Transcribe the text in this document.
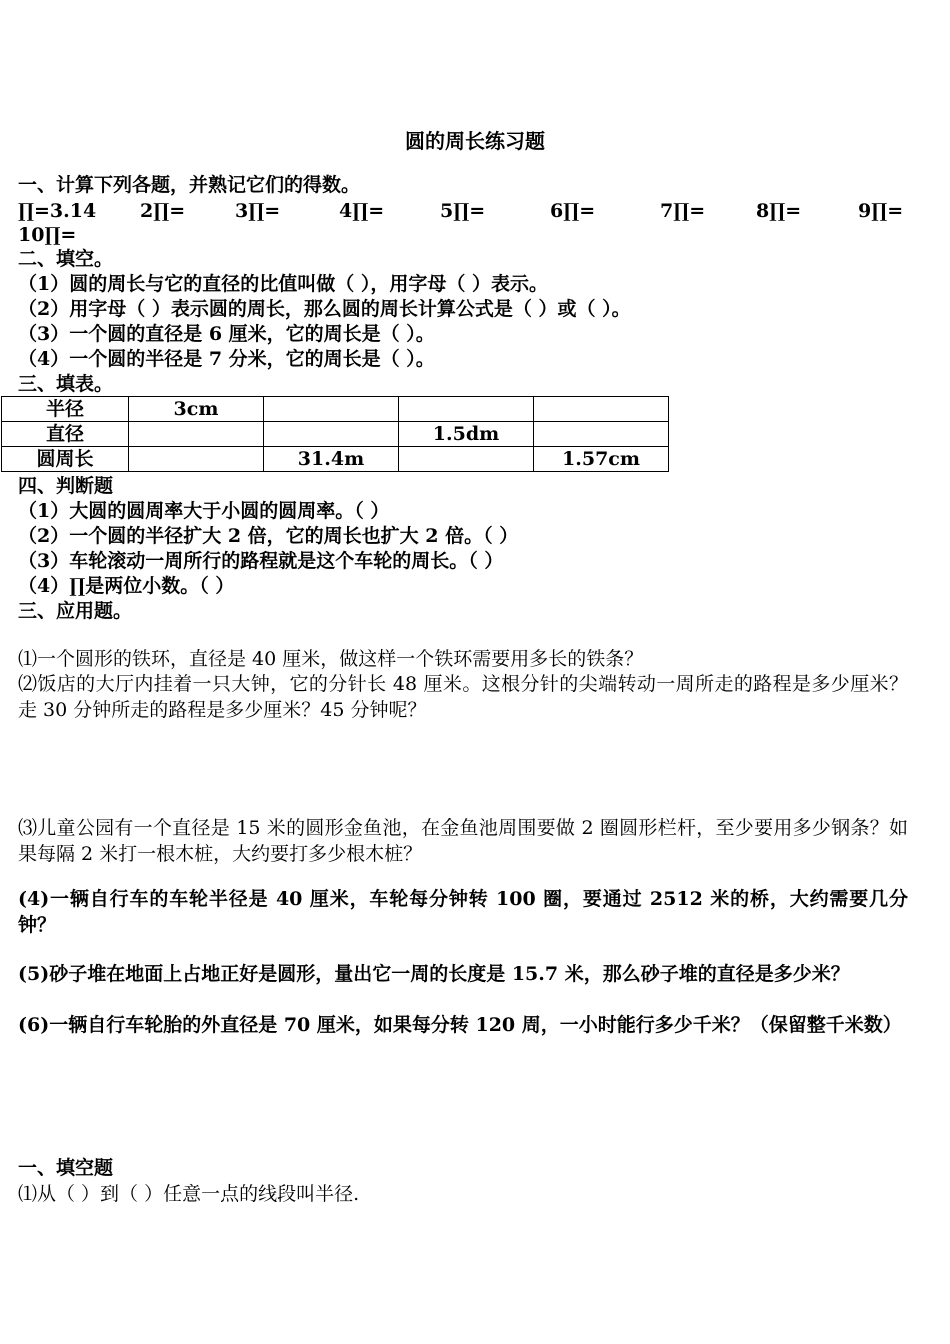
圆的周长练习题
一、计算下列各题，并熟记它们的得数。
∏=3.14 2∏=	3∏=	4∏=	5∏=	6∏=	7∏=	8∏=	9∏=
10∏=
二、填空。
（1）圆的周长与它的直径的比值叫做（ ），用字母（ ）表示。
（2）用字母（ ）表示圆的周长，那么圆的周长计算公式是（ ）或（ ）。
（3）一个圆的直径是 6 厘米，它的周长是（ ）。
（4）一个圆的半径是 7 分米，它的周长是（ ）。
三、填表。
半径	3cm			
直径			1.5dm	
圆周长		31.4m		1.57cm
四、判断题
（1）大圆的圆周率大于小圆的圆周率。（ ）
（2）一个圆的半径扩大 2 倍，它的周长也扩大 2 倍。（ ）
（3）车轮滚动一周所行的路程就是这个车轮的周长。（ ）
（4）∏是两位小数。（ ）
三、应用题。
⑴一个圆形的铁环，直径是 40 厘米，做这样一个铁环需要用多长的铁条？
⑵饭店的大厅内挂着一只大钟，它的分针长 48 厘米。这根分针的尖端转动一周所走的路程是多少厘米？走 30 分钟所走的路程是多少厘米？45 分钟呢？
⑶儿童公园有一个直径是 15 米的圆形金鱼池，在金鱼池周围要做 2 圈圆形栏杆，至少要用多少钢条？如果每隔 2 米打一根木桩，大约要打多少根木桩？
(4)一辆自行车的车轮半径是 40 厘米，车轮每分钟转 100 圈，要通过 2512 米的桥，大约需要几分钟？
(5)砂子堆在地面上占地正好是圆形，量出它一周的长度是 15.7 米，那么砂子堆的直径是多少米？
(6)一辆自行车轮胎的外直径是 70 厘米，如果每分转 120 周，一小时能行多少千米？（保留整千米数）
一、填空题
⑴从（ ）到（ ）任意一点的线段叫半径.
